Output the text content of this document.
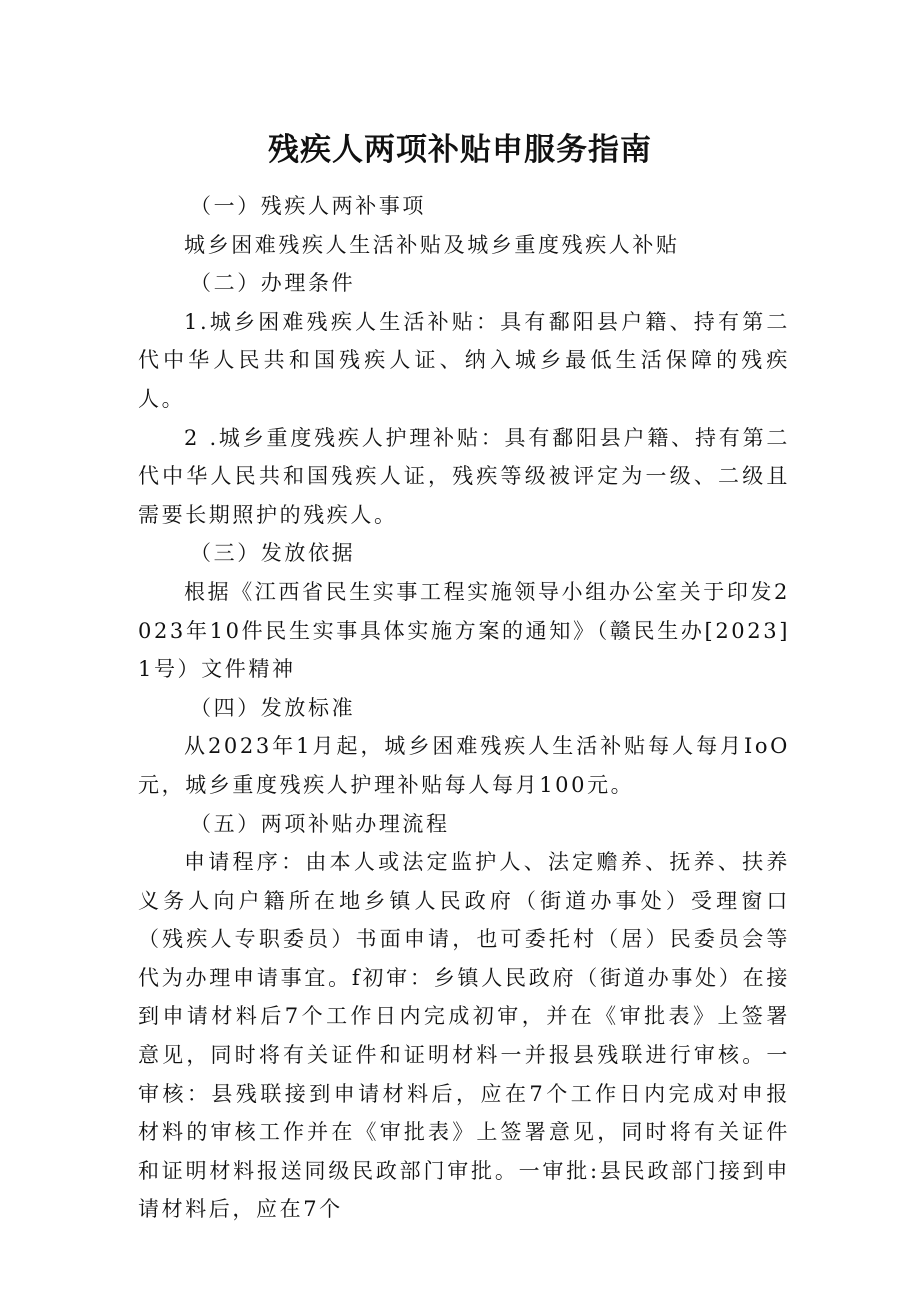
残疾人两项补贴申服务指南

（一）残疾人两补事项

城乡困难残疾人生活补贴及城乡重度残疾人补贴

（二）办理条件

1.城乡困难残疾人生活补贴：具有鄱阳县户籍、持有第二代中华人民共和国残疾人证、纳入城乡最低生活保障的残疾人。

2 .城乡重度残疾人护理补贴：具有鄱阳县户籍、持有第二代中华人民共和国残疾人证，残疾等级被评定为一级、二级且需要长期照护的残疾人。

（三）发放依据

根据《江西省民生实事工程实施领导小组办公室关于印发2023年10件民生实事具体实施方案的通知》（赣民生办[2023]1号）文件精神

（四）发放标准

从2023年1月起，城乡困难残疾人生活补贴每人每月IoO元，城乡重度残疾人护理补贴每人每月100元。

（五）两项补贴办理流程

申请程序：由本人或法定监护人、法定赡养、抚养、扶养义务人向户籍所在地乡镇人民政府（街道办事处）受理窗口（残疾人专职委员）书面申请，也可委托村（居）民委员会等代为办理申请事宜。f初审：乡镇人民政府（街道办事处）在接到申请材料后7个工作日内完成初审，并在《审批表》上签署意见，同时将有关证件和证明材料一并报县残联进行审核。一审核：县残联接到申请材料后，应在7个工作日内完成对申报材料的审核工作并在《审批表》上签署意见，同时将有关证件和证明材料报送同级民政部门审批。一审批:县民政部门接到申请材料后，应在7个
